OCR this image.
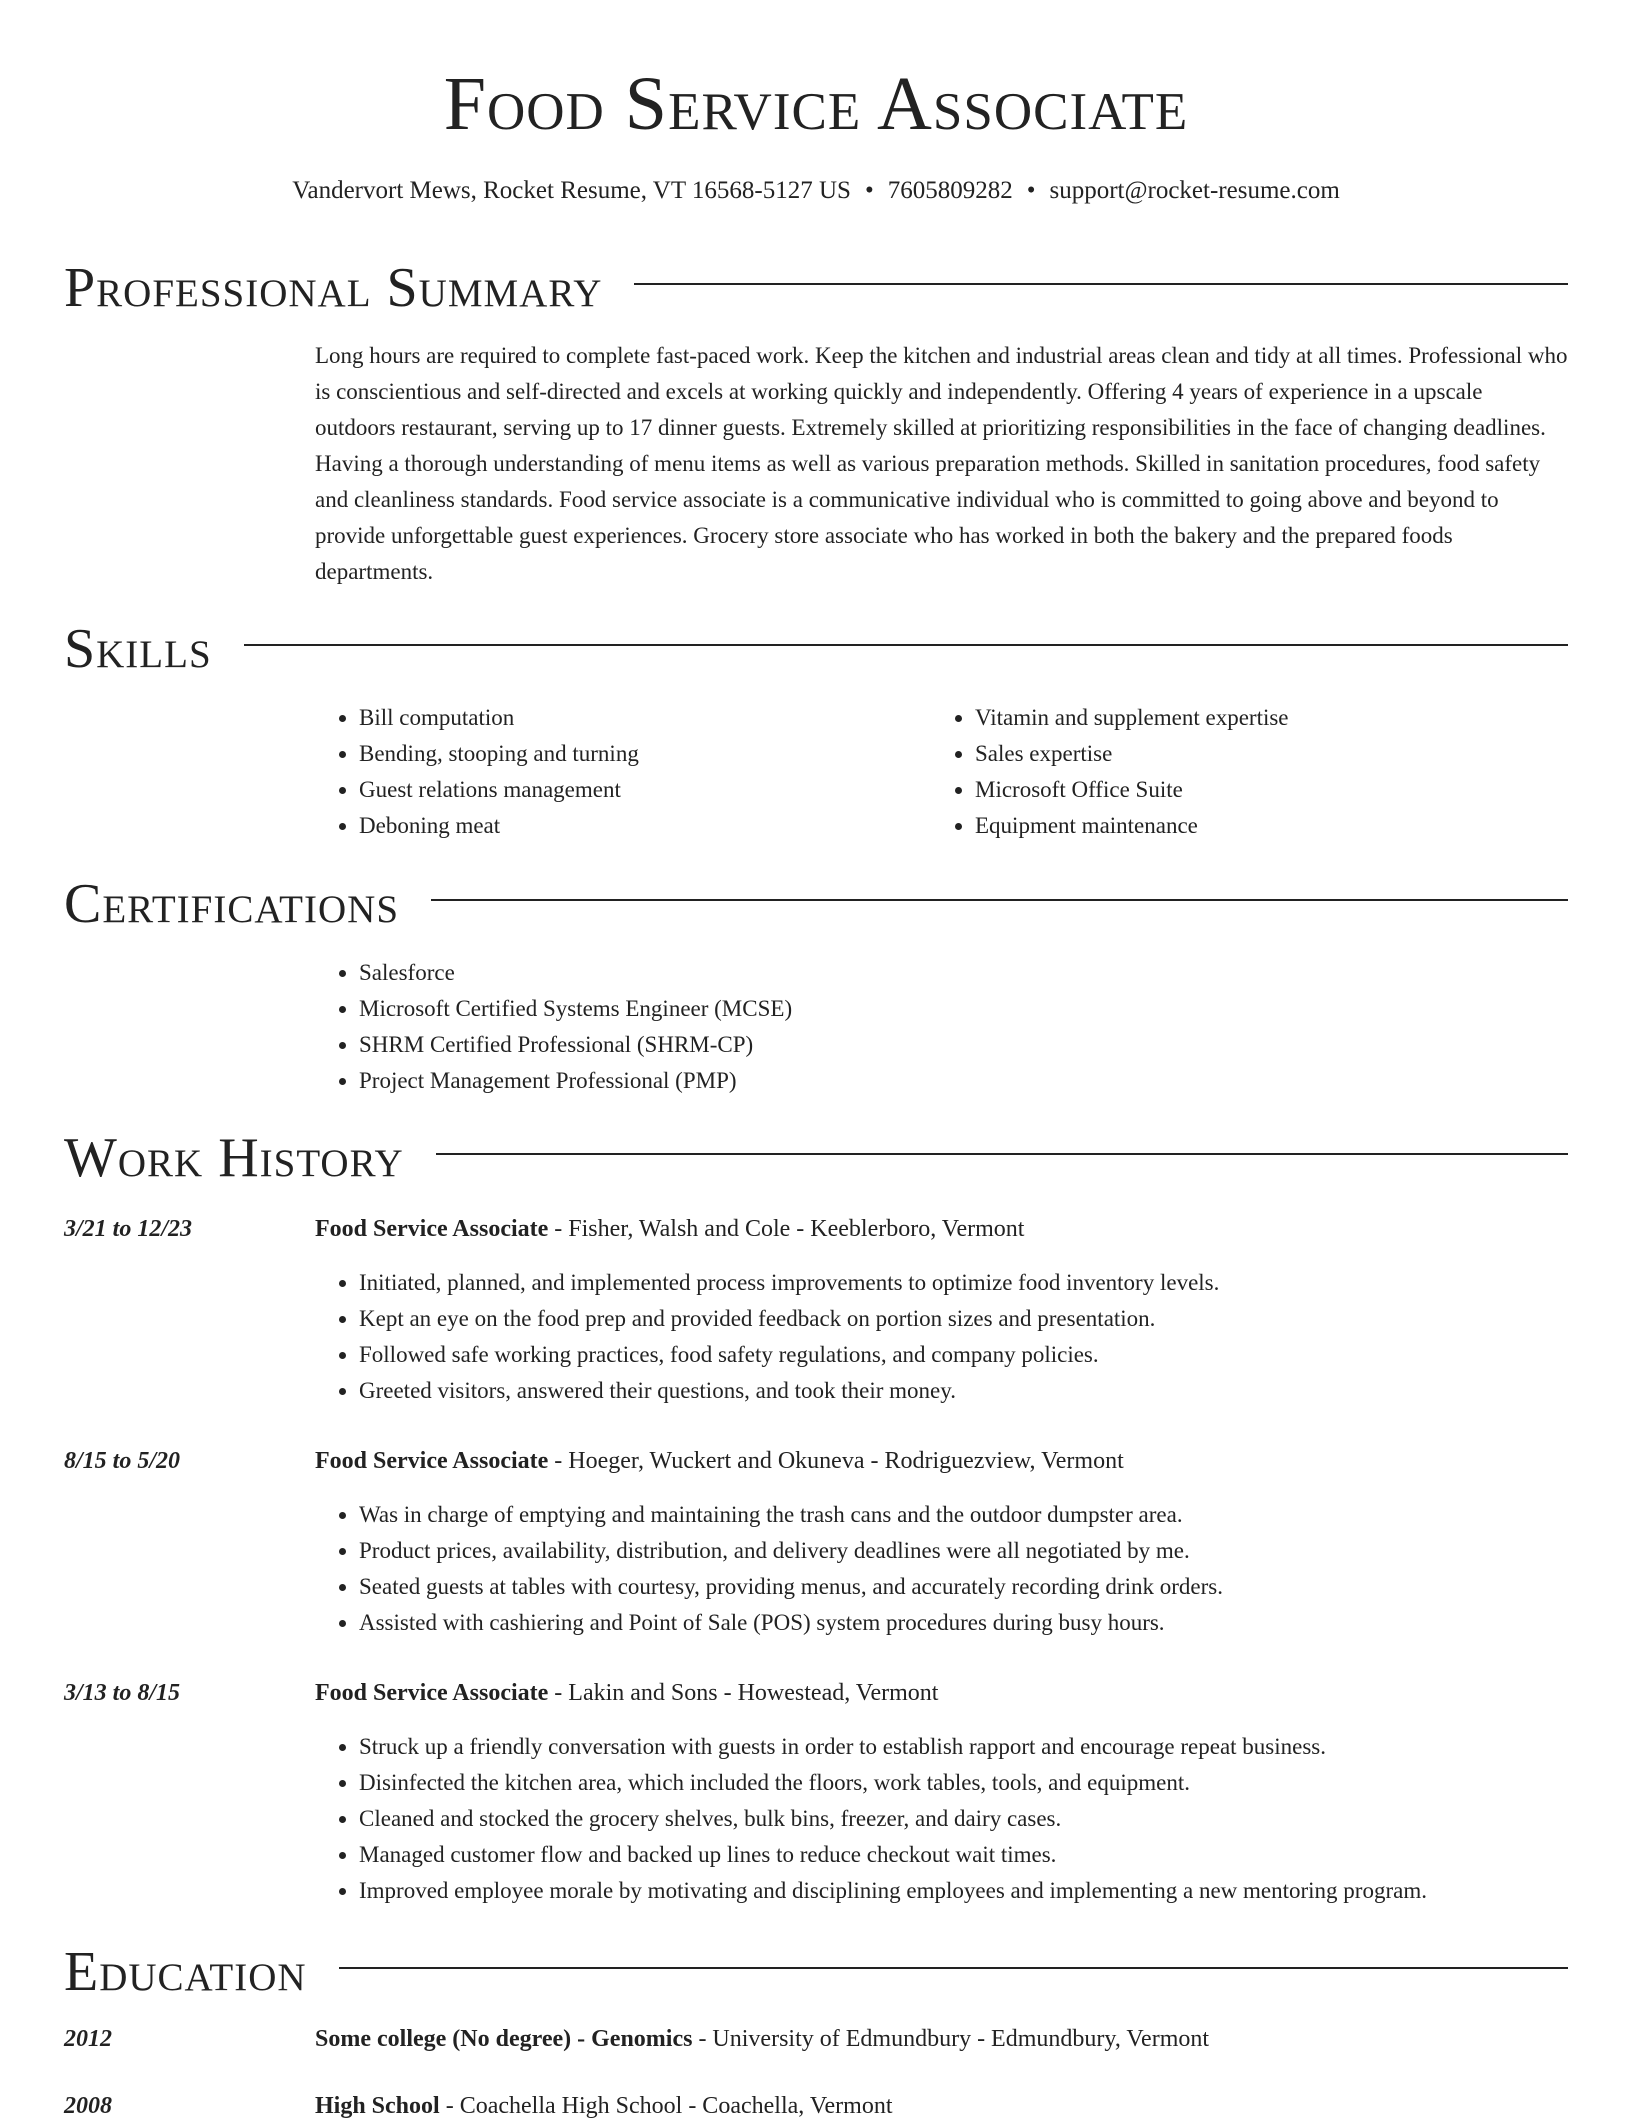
Food Service Associate
Vandervort Mews, Rocket Resume, VT 16568-5127 US • 7605809282 • support@rocket-resume.com
Professional Summary
Long hours are required to complete fast-paced work. Keep the kitchen and industrial areas clean and tidy at all times. Professional who is conscientious and self-directed and excels at working quickly and independently. Offering 4 years of experience in a upscale outdoors restaurant, serving up to 17 dinner guests. Extremely skilled at prioritizing responsibilities in the face of changing deadlines. Having a thorough understanding of menu items as well as various preparation methods. Skilled in sanitation procedures, food safety and cleanliness standards. Food service associate is a communicative individual who is committed to going above and beyond to provide unforgettable guest experiences. Grocery store associate who has worked in both the bakery and the prepared foods departments.
Skills
• Bill computation
• Bending, stooping and turning
• Guest relations management
• Deboning meat
• Vitamin and supplement expertise
• Sales expertise
• Microsoft Office Suite
• Equipment maintenance
Certifications
• Salesforce
• Microsoft Certified Systems Engineer (MCSE)
• SHRM Certified Professional (SHRM-CP)
• Project Management Professional (PMP)
Work History
3/21 to 12/23	Food Service Associate - Fisher, Walsh and Cole - Keeblerboro, Vermont
• Initiated, planned, and implemented process improvements to optimize food inventory levels.
• Kept an eye on the food prep and provided feedback on portion sizes and presentation.
• Followed safe working practices, food safety regulations, and company policies.
• Greeted visitors, answered their questions, and took their money.
8/15 to 5/20	Food Service Associate - Hoeger, Wuckert and Okuneva - Rodriguezview, Vermont
• Was in charge of emptying and maintaining the trash cans and the outdoor dumpster area.
• Product prices, availability, distribution, and delivery deadlines were all negotiated by me.
• Seated guests at tables with courtesy, providing menus, and accurately recording drink orders.
• Assisted with cashiering and Point of Sale (POS) system procedures during busy hours.
3/13 to 8/15	Food Service Associate - Lakin and Sons - Howestead, Vermont
• Struck up a friendly conversation with guests in order to establish rapport and encourage repeat business.
• Disinfected the kitchen area, which included the floors, work tables, tools, and equipment.
• Cleaned and stocked the grocery shelves, bulk bins, freezer, and dairy cases.
• Managed customer flow and backed up lines to reduce checkout wait times.
• Improved employee morale by motivating and disciplining employees and implementing a new mentoring program.
Education
2012	Some college (No degree) - Genomics - University of Edmundbury - Edmundbury, Vermont
2008	High School - Coachella High School - Coachella, Vermont
